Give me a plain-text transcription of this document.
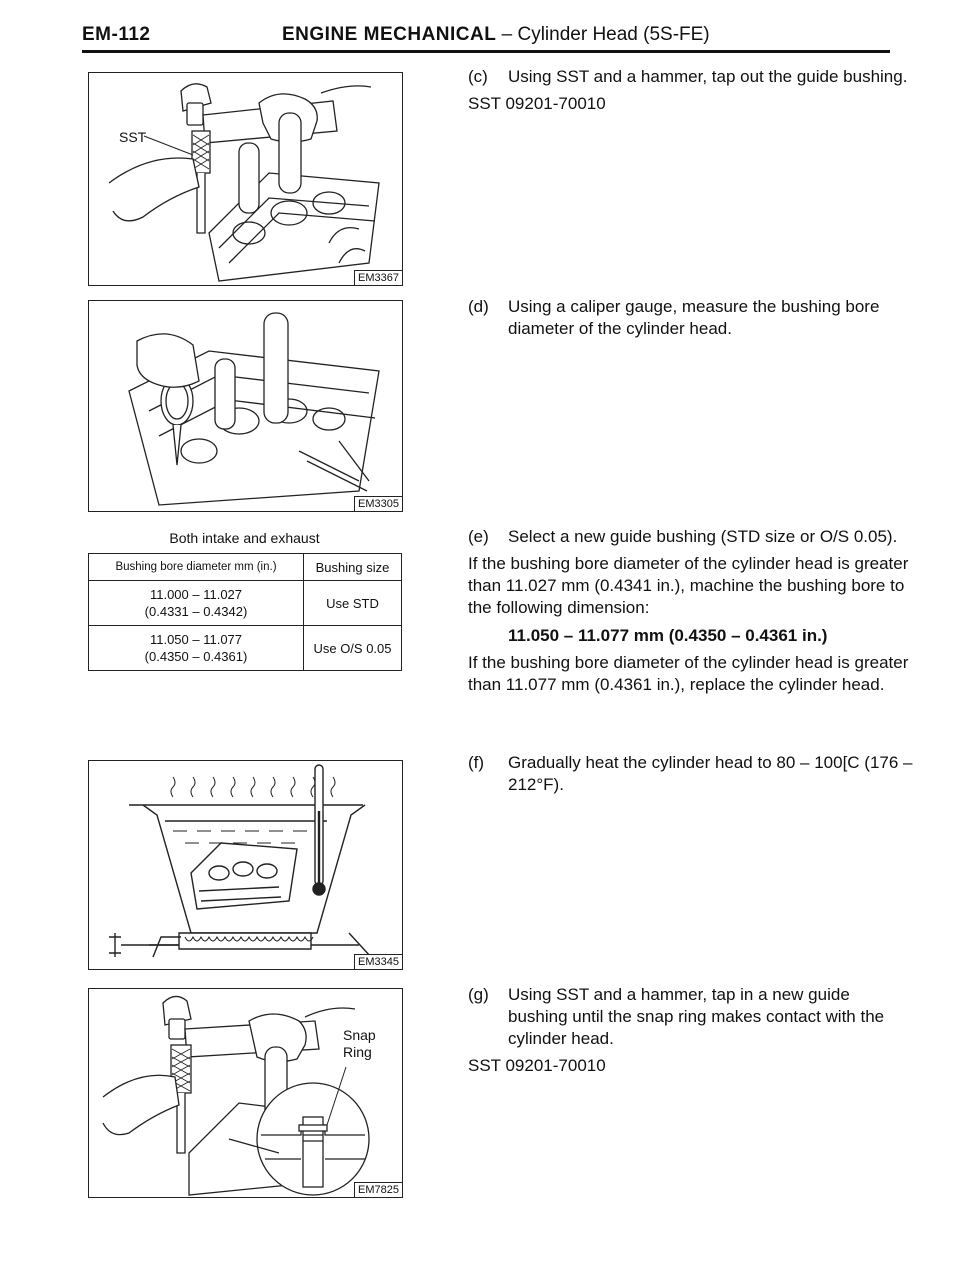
EM-112	ENGINE MECHANICAL – Cylinder Head (5S-FE)
SST
EM3367
EM3305
Both intake and exhaust
Bushing bore diameter mm (in.)	Bushing size
11.000 – 11.027
(0.4331 – 0.4342)	Use STD
11.050 – 11.077
(0.4350 – 0.4361)	Use O/S 0.05
EM3345
Snap
Ring
EM7825
(c) Using SST and a hammer, tap out the guide bushing.
SST 09201-70010
(d) Using a caliper gauge, measure the bushing bore diameter of the cylinder head.
(e) Select a new guide bushing (STD size or O/S 0.05).
If the bushing bore diameter of the cylinder head is greater than 11.027 mm (0.4341 in.), machine the bushing bore to the following dimension:
11.050 – 11.077 mm (0.4350 – 0.4361 in.)
If the bushing bore diameter of the cylinder head is greater than 11.077 mm (0.4361 in.), replace the cylinder head.
(f) Gradually heat the cylinder head to 80 – 100[C (176 – 212°F).
(g) Using SST and a hammer, tap in a new guide bushing until the snap ring makes contact with the cylinder head.
SST 09201-70010
